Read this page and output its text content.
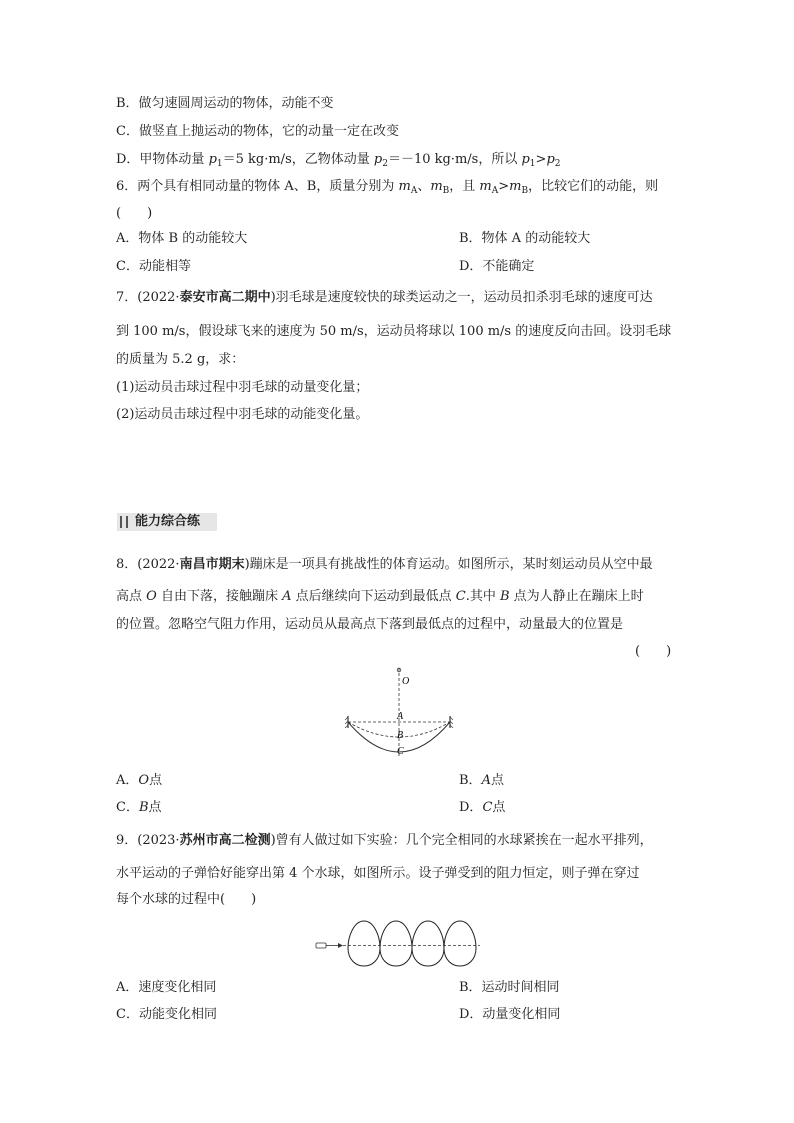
B．做匀速圆周运动的物体，动能不变
C．做竖直上抛运动的物体，它的动量一定在改变
D．甲物体动量 $p_1=5$ kg·m/s，乙物体动量 $p_2=-10$ kg·m/s，所以 $p_1>p_2$
6．两个具有相同动量的物体 A、B，质量分别为 $m_A$、$m_B$，且 $m_A>m_B$，比较它们的动能，则
(　　)
A．物体 B 的动能较大	B．物体 A 的动能较大
C．动能相等	D．不能确定
7．(2022·泰安市高二期中)羽毛球是速度较快的球类运动之一，运动员扣杀羽毛球的速度可达
到 100 m/s，假设球飞来的速度为 50 m/s，运动员将球以 100 m/s 的速度反向击回。设羽毛球
的质量为 5.2 g，求：
(1)运动员击球过程中羽毛球的动量变化量；
(2)运动员击球过程中羽毛球的动能变化量。
能力综合练
8．(2022·南昌市期末)蹦床是一项具有挑战性的体育运动。如图所示，某时刻运动员从空中最
高点 O 自由下落，接触蹦床 A 点后继续向下运动到最低点 C.其中 B 点为人静止在蹦床上时
的位置。忽略空气阻力作用，运动员从最高点下落到最低点的过程中，动量最大的位置是
(　　)
O
A
B
C
A．O点	B．A点
C．B点	D．C点
9．(2023·苏州市高二检测)曾有人做过如下实验：几个完全相同的水球紧挨在一起水平排列，
水平运动的子弹恰好能穿出第 4 个水球，如图所示。设子弹受到的阻力恒定，则子弹在穿过
每个水球的过程中(　　)
A．速度变化相同	B．运动时间相同
C．动能变化相同	D．动量变化相同
